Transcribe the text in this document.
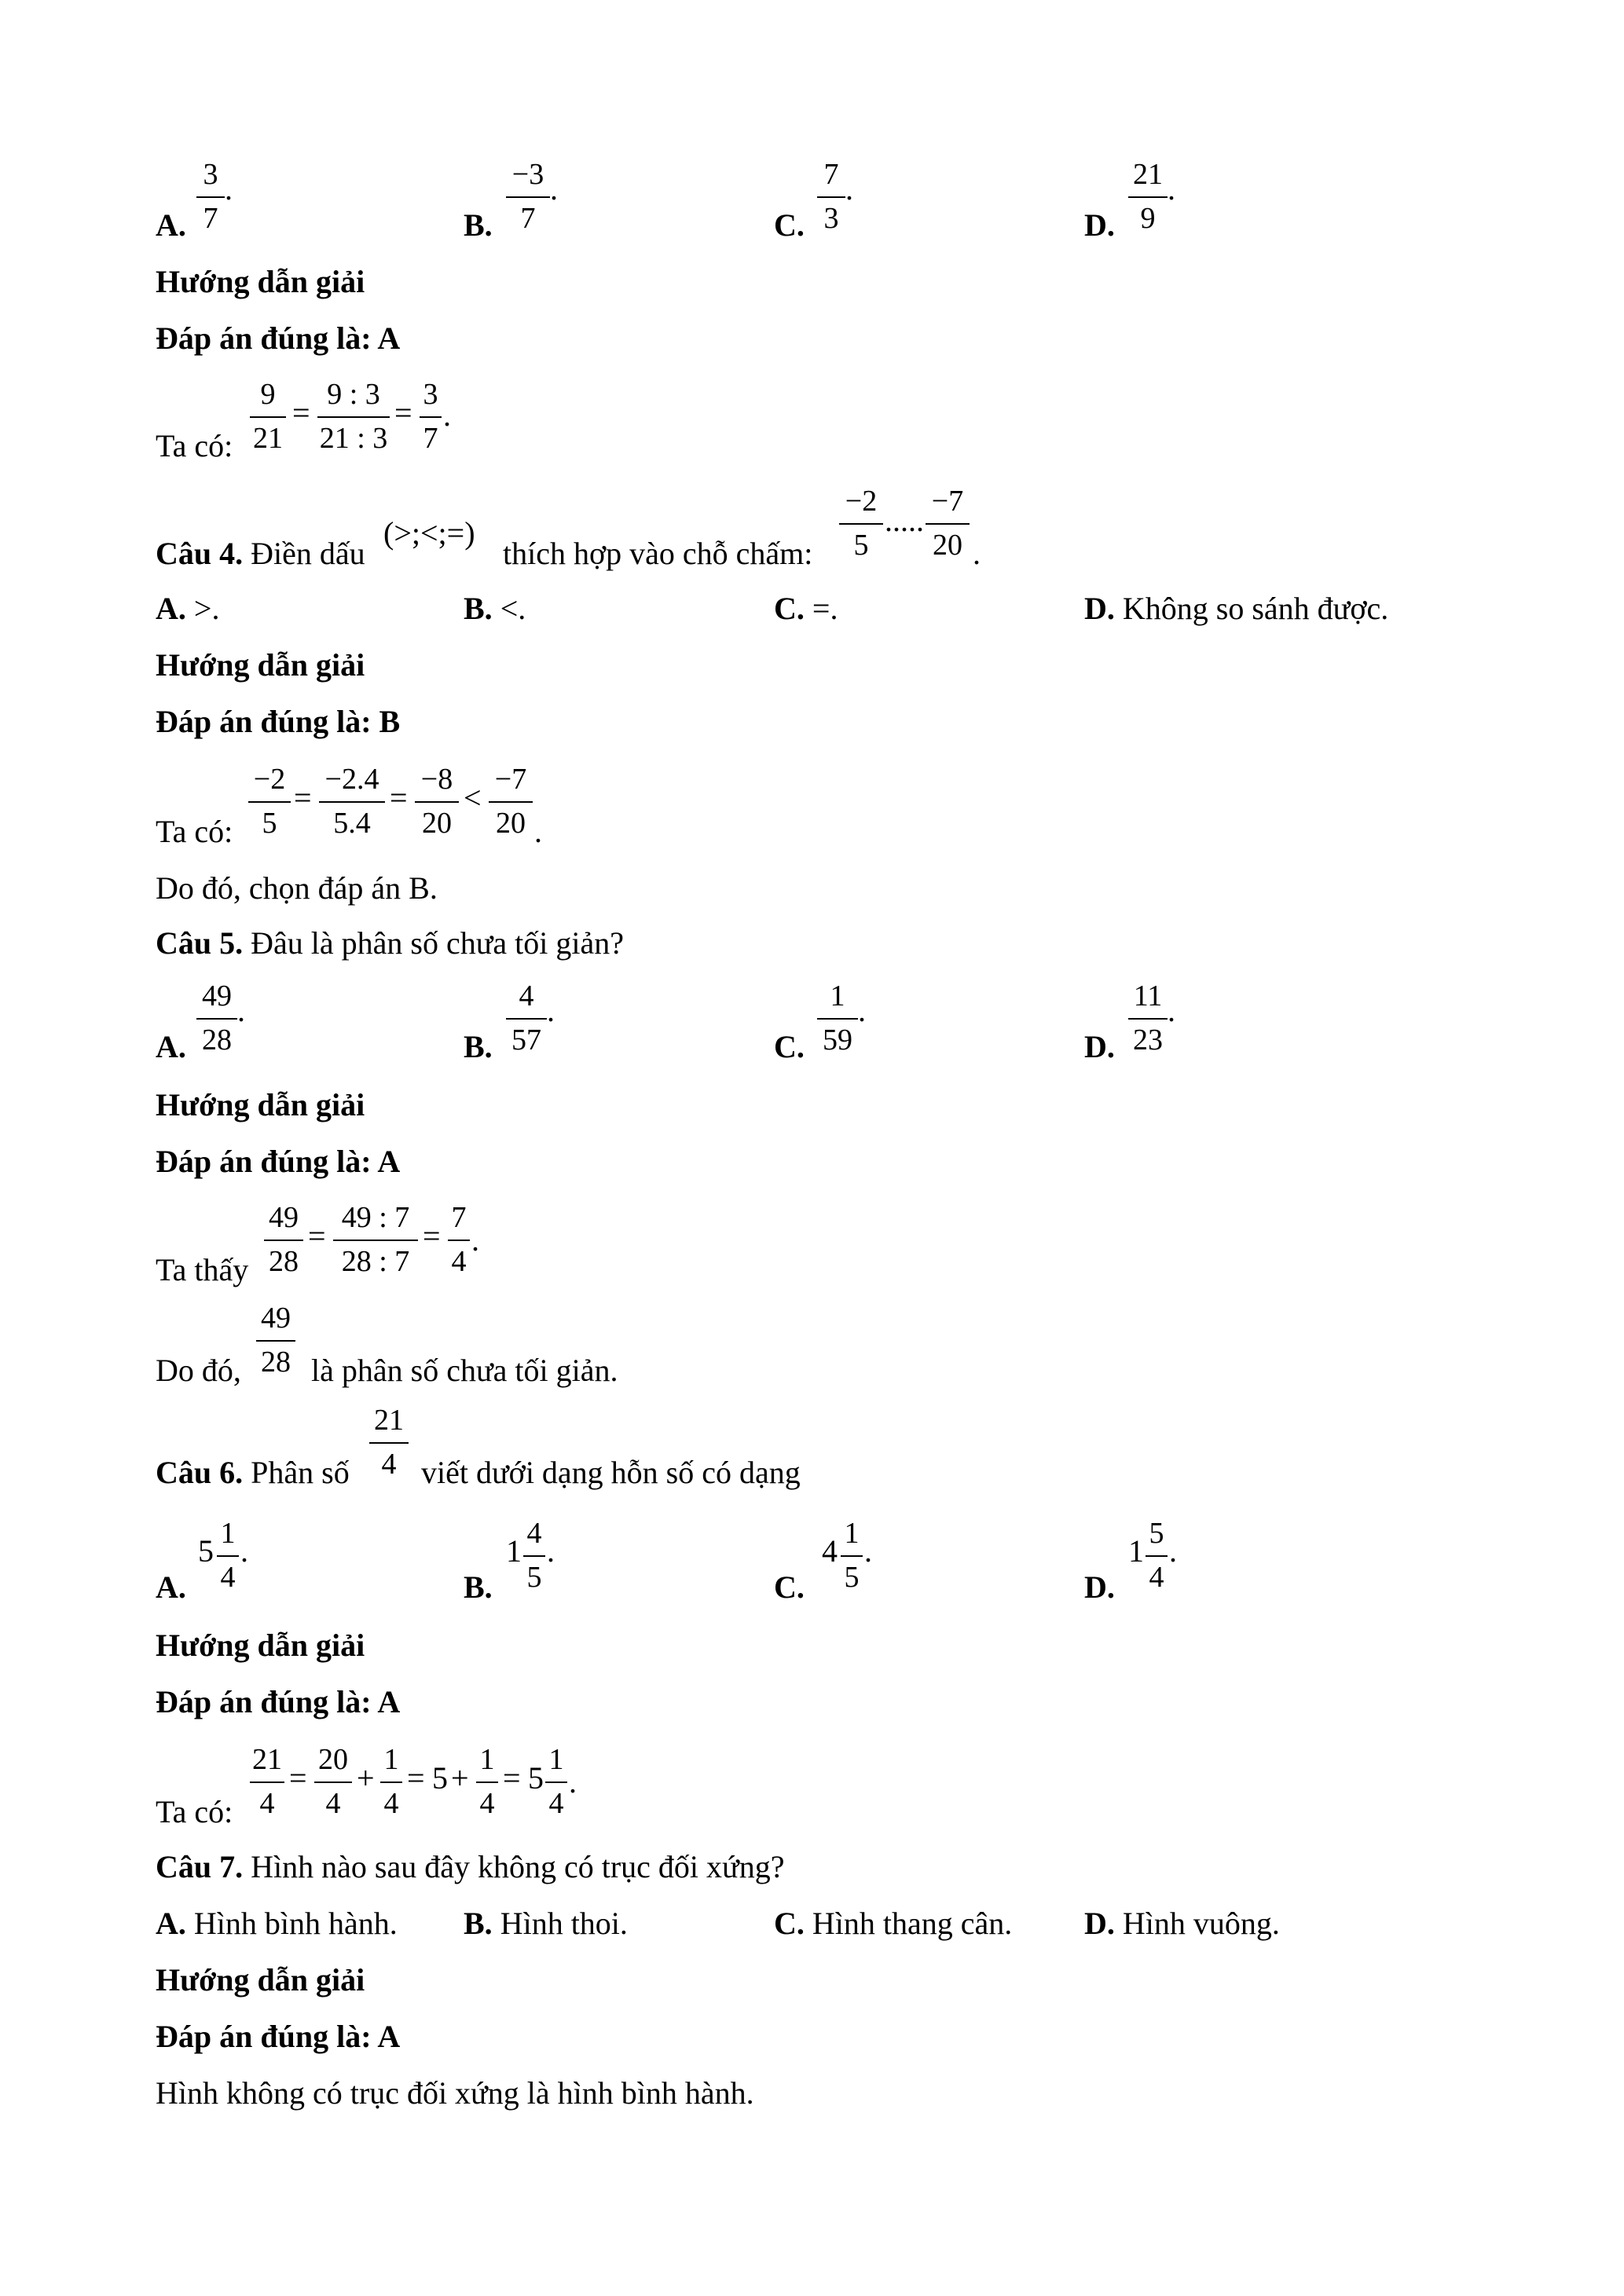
A.
3
7
.
B.
−3
7
.
C.
7
3
.
D.
21
9
.
Hướng dẫn giải
Đáp án đúng là: A
Ta có:
9
21
=
9 : 3
21 : 3
=
3
7
.
Câu 4. Điền dấu
(>;<;=)
thích hợp vào chỗ chấm:
−2
5
.....
−7
20 .
A. >.	B. <.	C. =.	D. Không so sánh được.
Hướng dẫn giải
Đáp án đúng là: B
Ta có:
−2
5
=
−2.4
5.4
=
−8
20
<
−7
20 .
Do đó, chọn đáp án B.
Câu 5. Đâu là phân số chưa tối giản?
A.
49
28
.
B.
4
57
.
C.
1
59
.
D.
11
23
.
Hướng dẫn giải
Đáp án đúng là: A
Ta thấy
49
28
=
49 : 7
28 : 7
=
7
4
.
Do đó,
49
28 là phân số chưa tối giản.
Câu 6. Phân số
21
4 viết dưới dạng hỗn số có dạng
A.
5 1
4
.
B.
1 4
5
.
C.
4 1
5
.
D.
1 5
4
.
Hướng dẫn giải
Đáp án đúng là: A
Ta có:
21
4
=
20
4
+
1
4
= 5 +
1
4
= 5
1
4
.
Câu 7. Hình nào sau đây không có trục đối xứng?
A. Hình bình hành. B. Hình thoi.	C. Hình thang cân. D. Hình vuông.
Hướng dẫn giải
Đáp án đúng là: A
Hình không có trục đối xứng là hình bình hành.
